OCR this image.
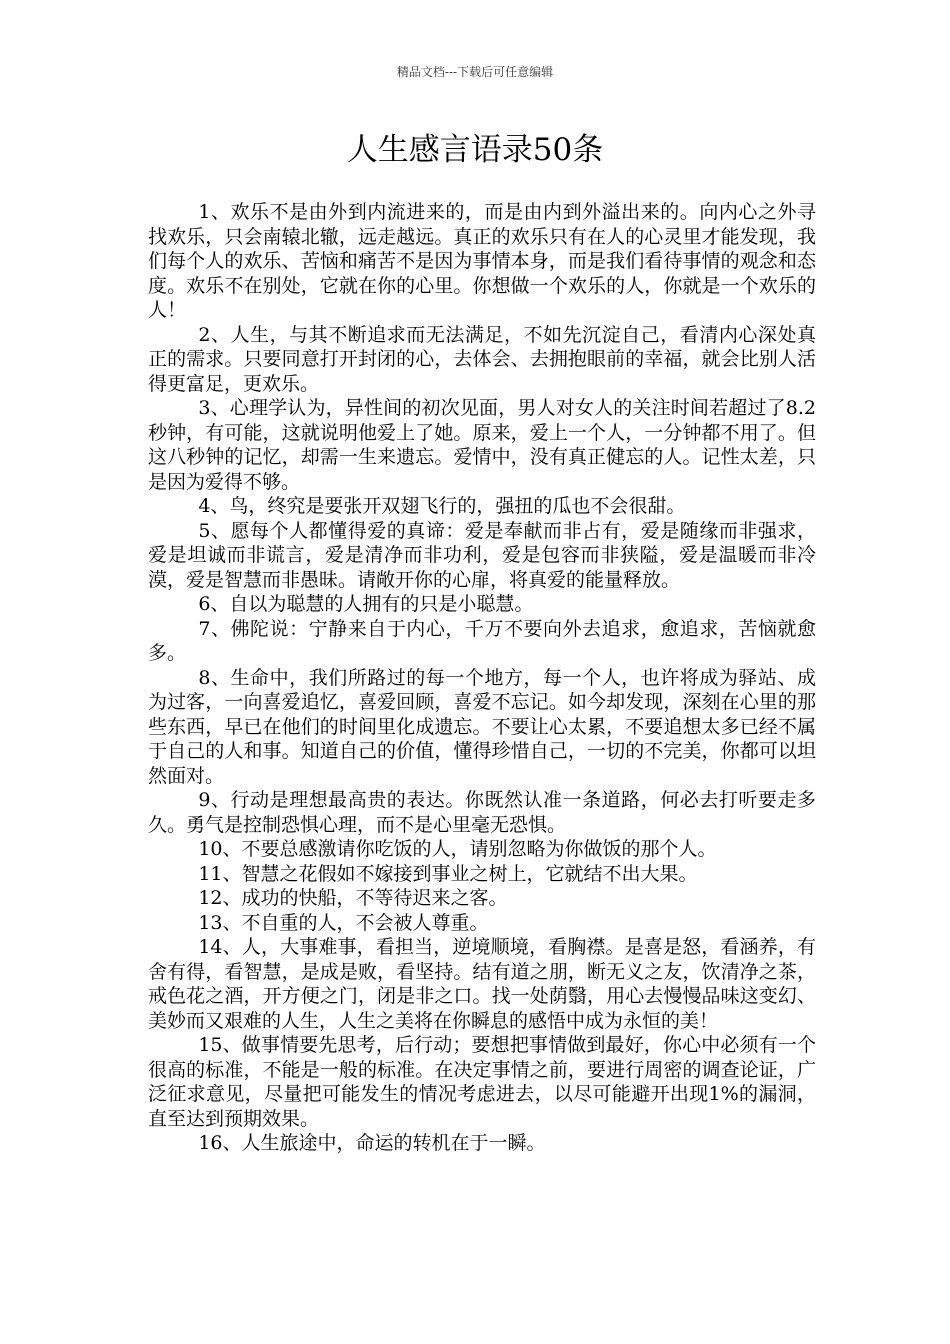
精品文档---下载后可任意编辑
人生感言语录50条

1、欢乐不是由外到内流进来的，而是由内到外溢出来的。向内心之外寻找欢乐，只会南辕北辙，远走越远。真正的欢乐只有在人的心灵里才能发现，我们每个人的欢乐、苦恼和痛苦不是因为事情本身，而是我们看待事情的观念和态度。欢乐不在别处，它就在你的心里。你想做一个欢乐的人，你就是一个欢乐的人！

2、人生，与其不断追求而无法满足，不如先沉淀自己，看清内心深处真正的需求。只要同意打开封闭的心，去体会、去拥抱眼前的幸福，就会比别人活得更富足，更欢乐。

3、心理学认为，异性间的初次见面，男人对女人的关注时间若超过了8.2秒钟，有可能，这就说明他爱上了她。原来，爱上一个人，一分钟都不用了。但这八秒钟的记忆，却需一生来遗忘。爱情中，没有真正健忘的人。记性太差，只是因为爱得不够。

4、鸟，终究是要张开双翅飞行的，强扭的瓜也不会很甜。

5、愿每个人都懂得爱的真谛：爱是奉献而非占有，爱是随缘而非强求，爱是坦诚而非谎言，爱是清净而非功利，爱是包容而非狭隘，爱是温暖而非冷漠，爱是智慧而非愚昧。请敞开你的心扉，将真爱的能量释放。

6、自以为聪慧的人拥有的只是小聪慧。

7、佛陀说：宁静来自于内心，千万不要向外去追求，愈追求，苦恼就愈多。

8、生命中，我们所路过的每一个地方，每一个人，也许将成为驿站、成为过客，一向喜爱追忆，喜爱回顾，喜爱不忘记。如今却发现，深刻在心里的那些东西，早已在他们的时间里化成遗忘。不要让心太累，不要追想太多已经不属于自己的人和事。知道自己的价值，懂得珍惜自己，一切的不完美，你都可以坦然面对。

9、行动是理想最高贵的表达。你既然认准一条道路，何必去打听要走多久。勇气是控制恐惧心理，而不是心里毫无恐惧。

10、不要总感激请你吃饭的人，请别忽略为你做饭的那个人。

11、智慧之花假如不嫁接到事业之树上，它就结不出大果。

12、成功的快船，不等待迟来之客。

13、不自重的人，不会被人尊重。

14、人，大事难事，看担当，逆境顺境，看胸襟。是喜是怒，看涵养，有舍有得，看智慧，是成是败，看坚持。结有道之朋，断无义之友，饮清净之茶，戒色花之酒，开方便之门，闭是非之口。找一处荫翳，用心去慢慢品味这变幻、美妙而又艰难的人生，人生之美将在你瞬息的感悟中成为永恒的美！

15、做事情要先思考，后行动；要想把事情做到最好，你心中必须有一个很高的标准，不能是一般的标准。在决定事情之前，要进行周密的调查论证，广泛征求意见，尽量把可能发生的情况考虑进去，以尽可能避开出现1%的漏洞，直至达到预期效果。

16、人生旅途中，命运的转机在于一瞬。
